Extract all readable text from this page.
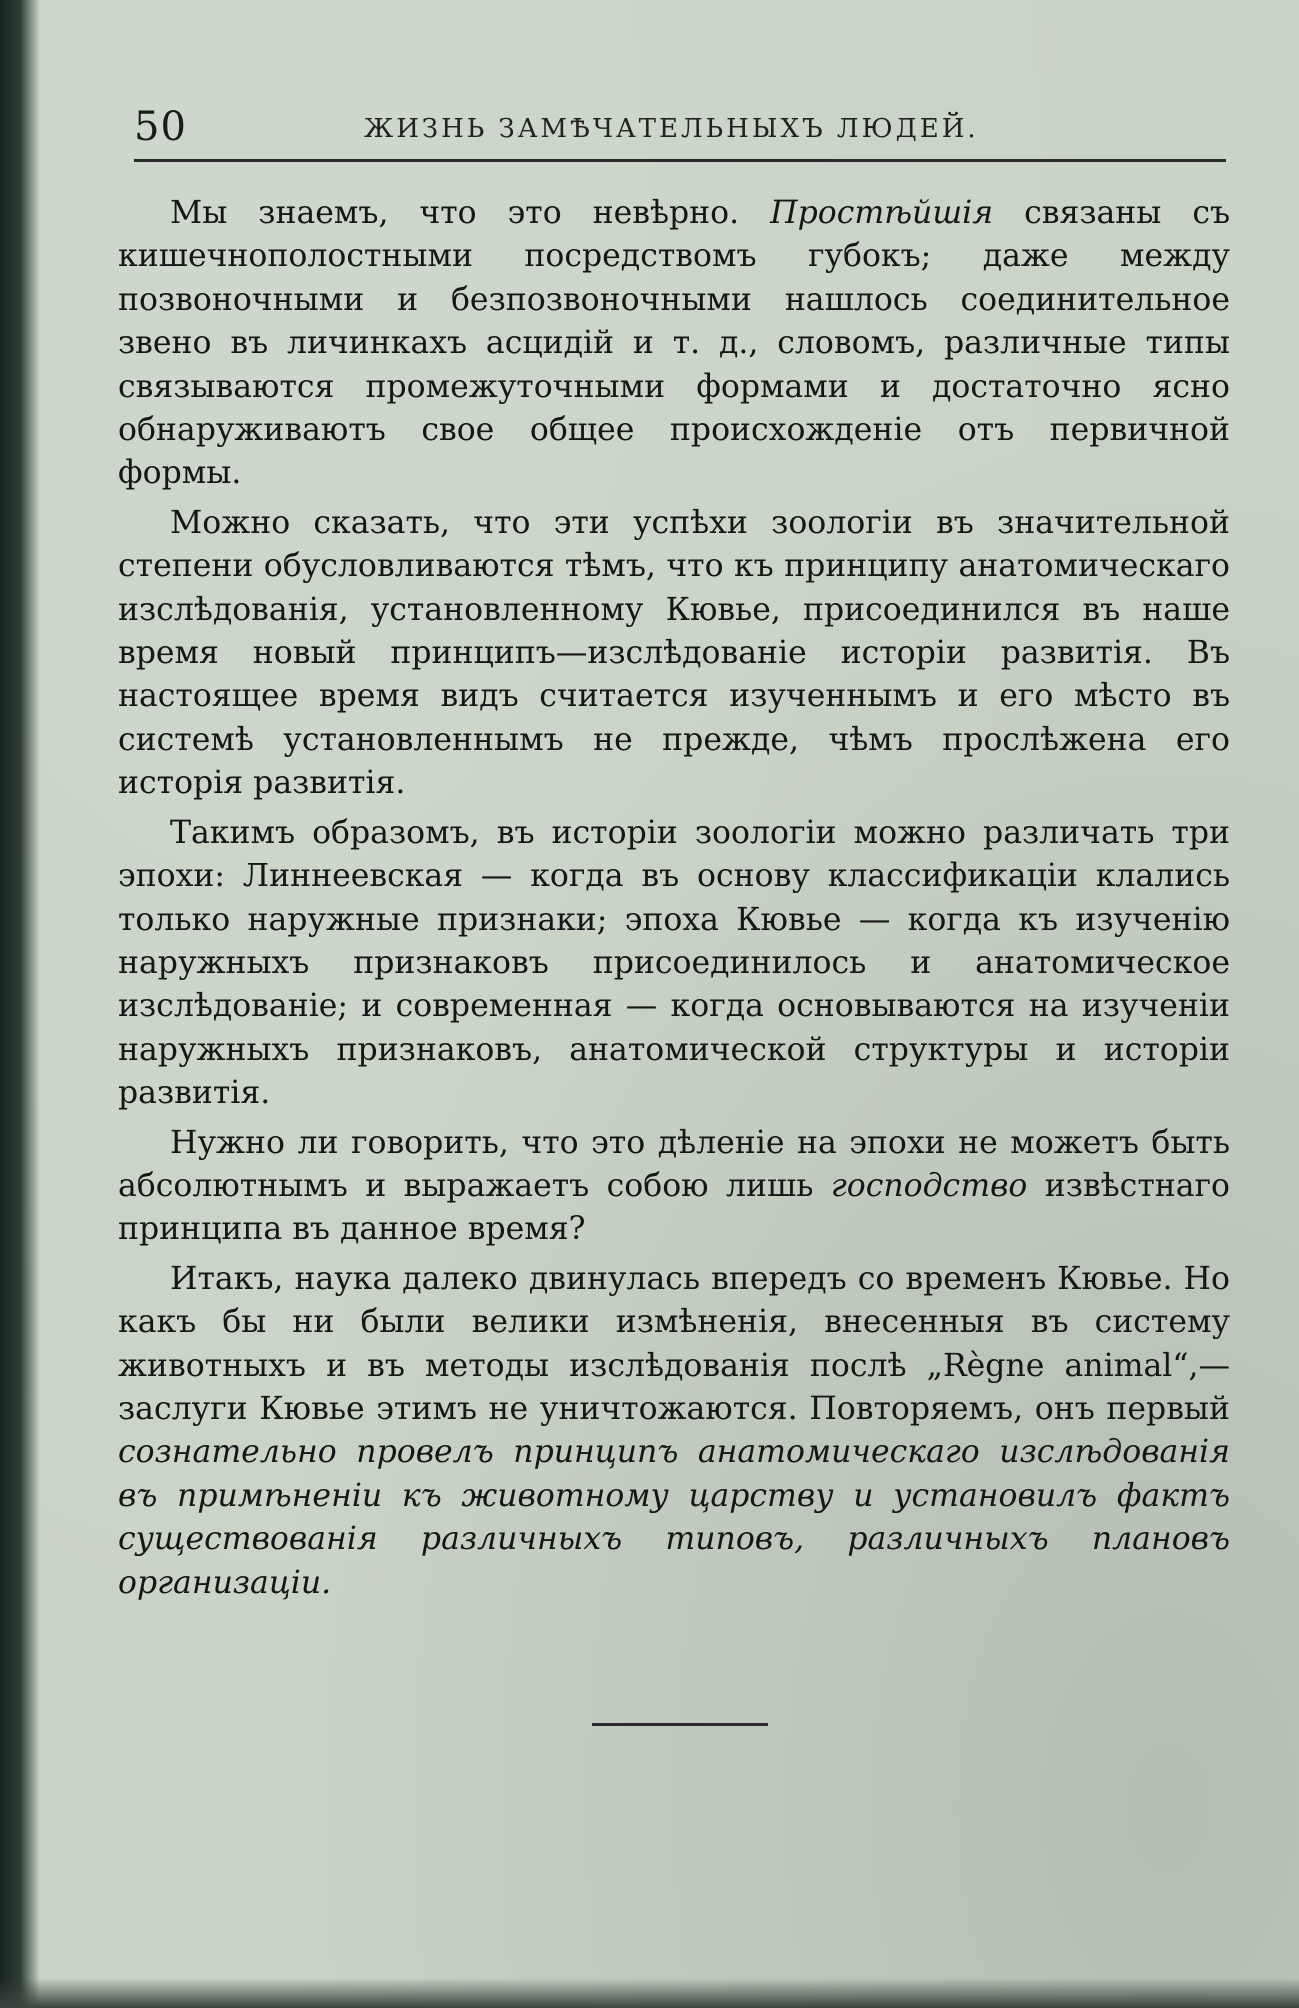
50	ЖИЗНЬ ЗАМѢЧАТЕЛЬНЫХЪ ЛЮДЕЙ.

Мы знаемъ, что это невѣрно. Простѣйшія связаны съ кишечнополостными посредствомъ губокъ; даже между позвоночными и безпозвоночными нашлось соединительное звено въ личинкахъ асцидій и т. д., словомъ, различные типы связываются промежуточными формами и достаточно ясно обнаруживаютъ свое общее происхожденіе отъ первичной формы.

Можно сказать, что эти успѣхи зоологіи въ значительной степени обусловливаются тѣмъ, что къ принципу анатомическаго изслѣдованія, установленному Кювье, присоединился въ наше время новый принципъ—изслѣдованіе исторіи развитія. Въ настоящее время видъ считается изученнымъ и его мѣсто въ системѣ установленнымъ не прежде, чѣмъ прослѣжена его исторія развитія.

Такимъ образомъ, въ исторіи зоологіи можно различать три эпохи: Линнеевская — когда въ основу классификаціи клались только наружные признаки; эпоха Кювье — когда къ изученію наружныхъ признаковъ присоединилось и анатомическое изслѣдованіе; и современная — когда основываются на изученіи наружныхъ признаковъ, анатомической структуры и исторіи развитія.

Нужно ли говорить, что это дѣленіе на эпохи не можетъ быть абсолютнымъ и выражаетъ собою лишь господство извѣстнаго принципа въ данное время?

Итакъ, наука далеко двинулась впередъ со временъ Кювье. Но какъ бы ни были велики измѣненія, внесенныя въ систему животныхъ и въ методы изслѣдованія послѣ „Règne animal“,—заслуги Кювье этимъ не уничтожаются. Повторяемъ, онъ первый сознательно провелъ принципъ анатомическаго изслѣдованія въ примѣненіи къ животному царству и установилъ фактъ существованія различныхъ типовъ, различныхъ плановъ организаціи.
